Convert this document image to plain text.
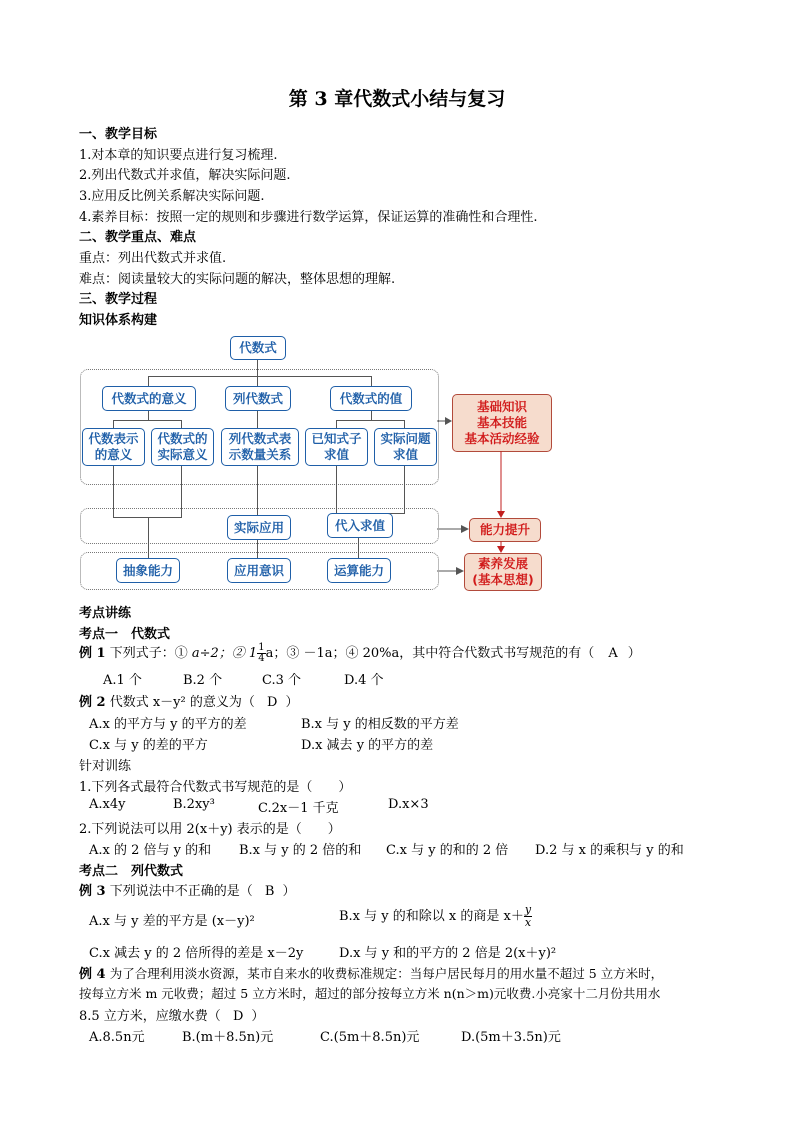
第 3 章代数式小结与复习
一、教学目标
1.对本章的知识要点进行复习梳理.
2.列出代数式并求值，解决实际问题.
3.应用反比例关系解决实际问题.
4.素养目标：按照一定的规则和步骤进行数学运算，保证运算的准确性和合理性.
二、教学重点、难点
重点：列出代数式并求值.
难点：阅读量较大的实际问题的解决，整体思想的理解.
三、教学过程
知识体系构建
代数式
代数式的意义	列代数式	代数式的值
代数表示
的意义
代数式的
实际意义
列代数式表
示数量关系
已知式子
求值
实际问题
求值
实际应用	代入求值
抽象能力	应用意识	运算能力
基础知识
基本技能
基本活动经验
能力提升
素养发展
(基本思想)
考点讲练
考点一　代数式
例 1 下列式子：① a÷2；② $1 \frac{1}{4}$ a；③ －1a；④ 20%a，其中符合代数式书写规范的有（ A ）
A.1 个	B.2 个	C.3 个	D.4 个
例 2 代数式 x－y² 的意义为（ D ）
A.x 的平方与 y 的平方的差	B.x 与 y 的相反数的平方差
C.x 与 y 的差的平方	D.x 减去 y 的平方的差
针对训练
1.下列各式最符合代数式书写规范的是（　　）
A.x4y	B.2xy³	C.2x－1 千克	D.x×3
2.下列说法可以用 2(x＋y) 表示的是（　　）
A.x 的 2 倍与 y 的和 B.x 与 y 的 2 倍的和 C.x 与 y 的和的 2 倍 D.2 与 x 的乘积与 y 的和
考点二　列代数式
例 3 下列说法中不正确的是（ B ）
A.x 与 y 差的平方是 (x－y)²	B.x 与 y 的和除以 x 的商是 $x+ \frac{y}{x}$
C.x 减去 y 的 2 倍所得的差是 x－2y	D.x 与 y 和的平方的 2 倍是 2(x＋y)²
例 4 为了合理利用淡水资源，某市自来水的收费标准规定：当每户居民每月的用水量不超过 5 立方米时，
按每立方米 m 元收费；超过 5 立方米时，超过的部分按每立方米 n(n＞m)元收费.小亮家十二月份共用水
8.5 立方米，应缴水费（ D ）
A.8.5n元	B.(m＋8.5n)元	C.(5m＋8.5n)元	D.(5m＋3.5n)元
